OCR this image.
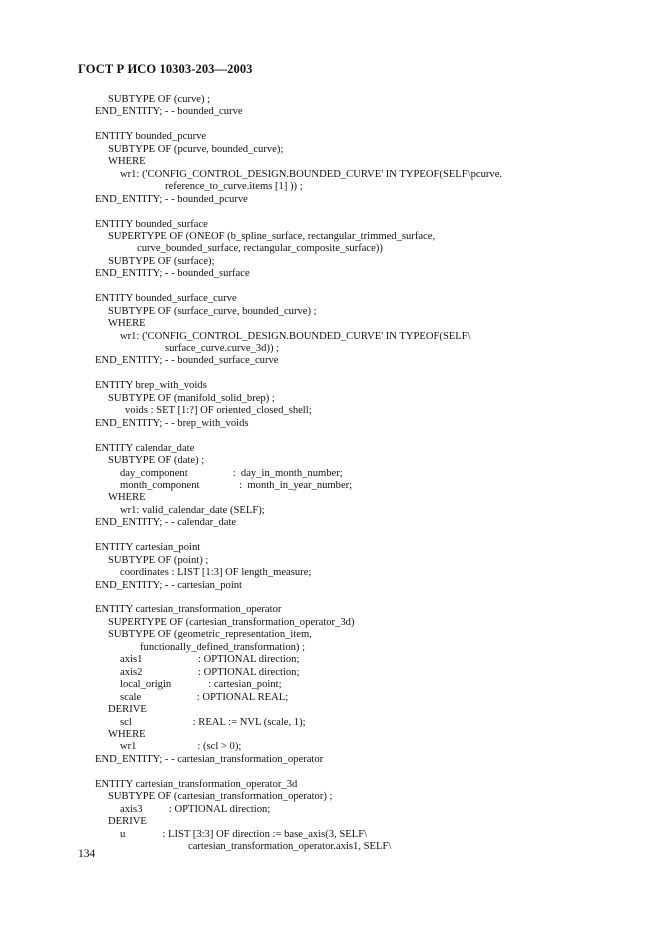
ГОСТ Р ИСО 10303-203—2003
SUBTYPE OF (curve) ;
END_ENTITY; - - bounded_curve
ENTITY bounded_pcurve
SUBTYPE OF (pcurve, bounded_curve);
WHERE
wr1: ('CONFIG_CONTROL_DESIGN.BOUNDED_CURVE' IN TYPEOF(SELF\pcurve.
reference_to_curve.items [1] )) ;
END_ENTITY; - - bounded_pcurve
ENTITY bounded_surface
SUPERTYPE OF (ONEOF (b_spline_surface, rectangular_trimmed_surface,
curve_bounded_surface, rectangular_composite_surface))
SUBTYPE OF (surface);
END_ENTITY; - - bounded_surface
ENTITY bounded_surface_curve
SUBTYPE OF (surface_curve, bounded_curve) ;
WHERE
wr1: ('CONFIG_CONTROL_DESIGN.BOUNDED_CURVE' IN TYPEOF(SELF\
surface_curve.curve_3d)) ;
END_ENTITY; - - bounded_surface_curve
ENTITY brep_with_voids
SUBTYPE OF (manifold_solid_brep) ;
voids : SET [1:?] OF oriented_closed_shell;
END_ENTITY; - - brep_with_voids
ENTITY calendar_date
SUBTYPE OF (date) ;
day_component                 :  day_in_month_number;
month_component               :  month_in_year_number;
WHERE
wr1: valid_calendar_date (SELF);
END_ENTITY; - - calendar_date
ENTITY cartesian_point
SUBTYPE OF (point) ;
coordinates : LIST [1:3] OF length_measure;
END_ENTITY; - - cartesian_point
ENTITY cartesian_transformation_operator
SUPERTYPE OF (cartesian_transformation_operator_3d)
SUBTYPE OF (geometric_representation_item,
functionally_defined_transformation) ;
axis1                     : OPTIONAL direction;
axis2                     : OPTIONAL direction;
local_origin              : cartesian_point;
scale                     : OPTIONAL REAL;
DERIVE
scl                       : REAL := NVL (scale, 1);
WHERE
wr1                       : (scl > 0);
END_ENTITY; - - cartesian_transformation_operator
ENTITY cartesian_transformation_operator_3d
SUBTYPE OF (cartesian_transformation_operator) ;
axis3          : OPTIONAL direction;
DERIVE
u              : LIST [3:3] OF direction := base_axis(3, SELF\
cartesian_transformation_operator.axis1, SELF\
134
